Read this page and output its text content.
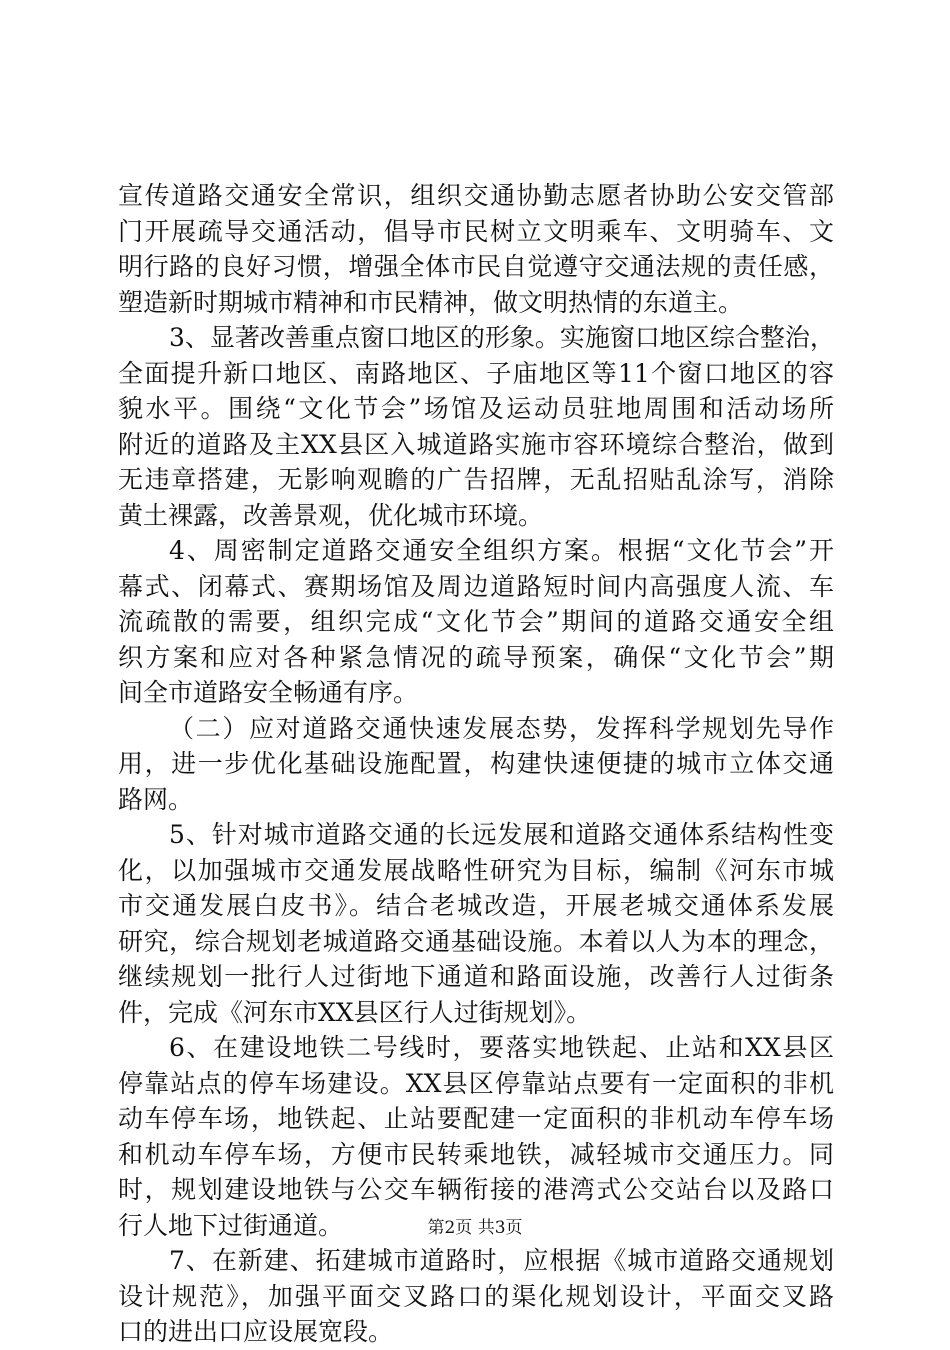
宣传道路交通安全常识，组织交通协勤志愿者协助公安交管部
门开展疏导交通活动，倡导市民树立文明乘车、文明骑车、文
明行路的良好习惯，增强全体市民自觉遵守交通法规的责任感，
塑造新时期城市精神和市民精神，做文明热情的东道主。
3、显著改善重点窗口地区的形象。实施窗口地区综合整治，
全面提升新口地区、南路地区、子庙地区等11个窗口地区的容
貌水平。围绕“文化节会”场馆及运动员驻地周围和活动场所
附近的道路及主XX县区入城道路实施市容环境综合整治，做到
无违章搭建，无影响观瞻的广告招牌，无乱招贴乱涂写，消除
黄土裸露，改善景观，优化城市环境。
4、周密制定道路交通安全组织方案。根据“文化节会”开
幕式、闭幕式、赛期场馆及周边道路短时间内高强度人流、车
流疏散的需要，组织完成“文化节会”期间的道路交通安全组
织方案和应对各种紧急情况的疏导预案，确保“文化节会”期
间全市道路安全畅通有序。
（二）应对道路交通快速发展态势，发挥科学规划先导作
用，进一步优化基础设施配置，构建快速便捷的城市立体交通
路网。
5、针对城市道路交通的长远发展和道路交通体系结构性变
化，以加强城市交通发展战略性研究为目标，编制《河东市城
市交通发展白皮书》。结合老城改造，开展老城交通体系发展
研究，综合规划老城道路交通基础设施。本着以人为本的理念，
继续规划一批行人过街地下通道和路面设施，改善行人过街条
件，完成《河东市XX县区行人过街规划》。
6、在建设地铁二号线时，要落实地铁起、止站和XX县区
停靠站点的停车场建设。XX县区停靠站点要有一定面积的非机
动车停车场，地铁起、止站要配建一定面积的非机动车停车场
和机动车停车场，方便市民转乘地铁，减轻城市交通压力。同
时，规划建设地铁与公交车辆衔接的港湾式公交站台以及路口
行人地下过街通道。
7、在新建、拓建城市道路时，应根据《城市道路交通规划
设计规范》，加强平面交叉路口的渠化规划设计，平面交叉路
口的进出口应设展宽段。
第2页 共3页
